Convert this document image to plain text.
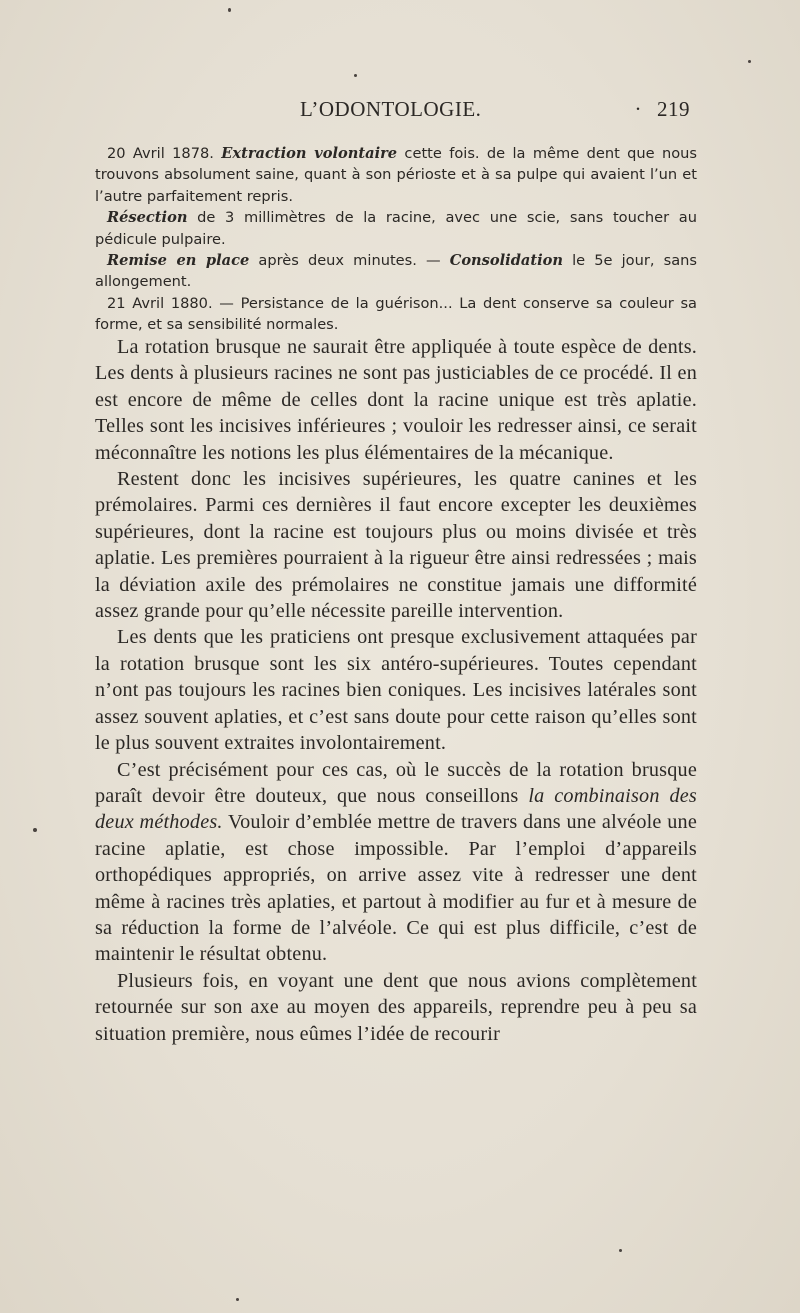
L’ODONTOLOGIE.	· 219

20 Avril 1878. Extraction volontaire cette fois. de la même dent que nous trouvons absolument saine, quant à son périoste et à sa pulpe qui avaient l’un et l’autre parfaitement repris.

Résection de 3 millimètres de la racine, avec une scie, sans toucher au pédicule pulpaire.

Remise en place après deux minutes. — Consolidation le 5e jour, sans allongement.

21 Avril 1880. — Persistance de la guérison... La dent conserve sa couleur sa forme, et sa sensibilité normales.

La rotation brusque ne saurait être appliquée à toute espèce de dents. Les dents à plusieurs racines ne sont pas justiciables de ce procédé. Il en est encore de même de celles dont la racine unique est très aplatie. Telles sont les incisives inférieures ; vouloir les redresser ainsi, ce serait méconnaître les notions les plus élémentaires de la mécanique.

Restent donc les incisives supérieures, les quatre canines et les prémolaires. Parmi ces dernières il faut encore excepter les deuxièmes supérieures, dont la racine est toujours plus ou moins divisée et très aplatie. Les premières pourraient à la rigueur être ainsi redressées ; mais la déviation axile des prémolaires ne constitue jamais une difformité assez grande pour qu’elle nécessite pareille intervention.

Les dents que les praticiens ont presque exclusivement attaquées par la rotation brusque sont les six antéro-supérieures. Toutes cependant n’ont pas toujours les racines bien coniques. Les incisives latérales sont assez souvent aplaties, et c’est sans doute pour cette raison qu’elles sont le plus souvent extraites involontairement.

C’est précisément pour ces cas, où le succès de la rotation brusque paraît devoir être douteux, que nous conseillons la combinaison des deux méthodes. Vouloir d’emblée mettre de travers dans une alvéole une racine aplatie, est chose impossible. Par l’emploi d’appareils orthopédiques appropriés, on arrive assez vite à redresser une dent même à racines très aplaties, et partout à modifier au fur et à mesure de sa réduction la forme de l’alvéole. Ce qui est plus difficile, c’est de maintenir le résultat obtenu.

Plusieurs fois, en voyant une dent que nous avions complètement retournée sur son axe au moyen des appareils, reprendre peu à peu sa situation première, nous eûmes l’idée de recourir
